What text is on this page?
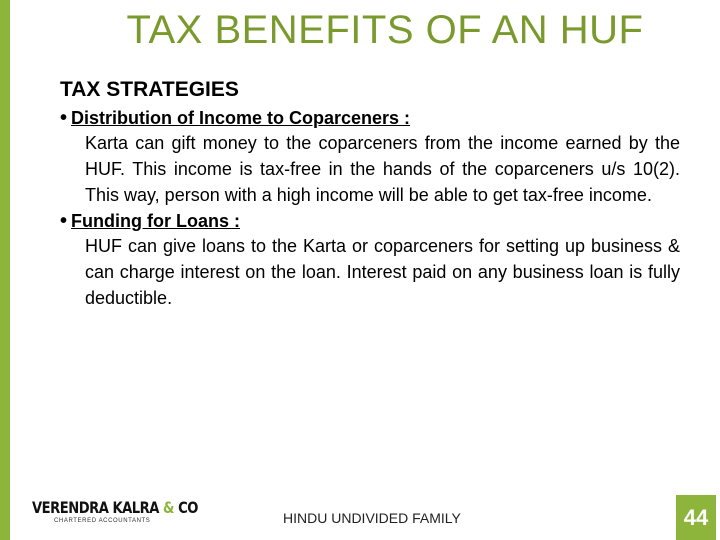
TAX BENEFITS OF AN HUF
TAX STRATEGIES
• Distribution of Income to Coparceners :
Karta can gift money to the coparceners from the income earned by the HUF. This income is tax-free in the hands of the coparceners u/s 10(2). This way, person with a high income will be able to get tax-free income.
• Funding for Loans :
HUF can give loans to the Karta or coparceners for setting up business & can charge interest on the loan. Interest paid on any business loan is fully deductible.
VERENDRA KALRA & CO
CHARTERED ACCOUNTANTS	HINDU UNDIVIDED FAMILY	44
